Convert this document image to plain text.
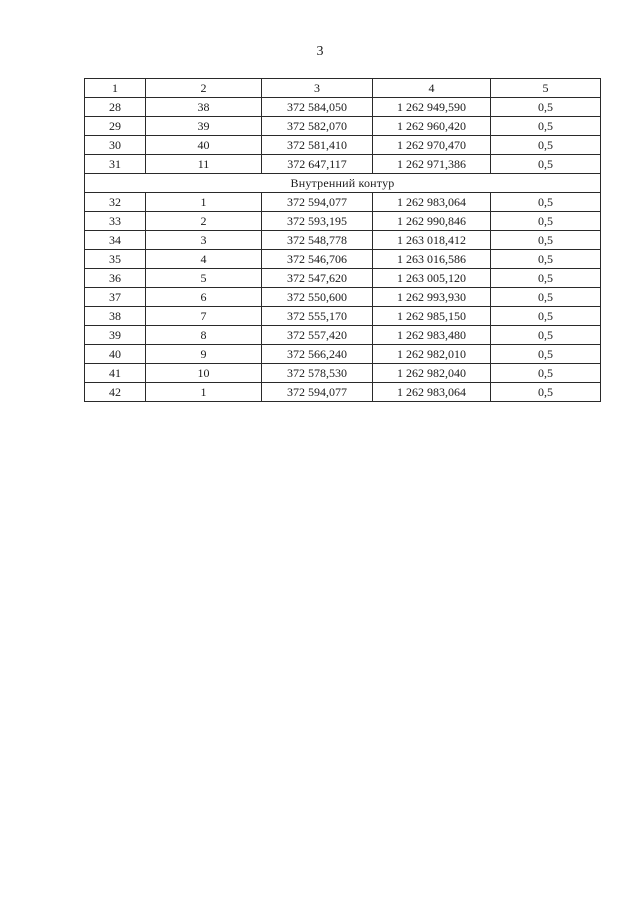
3
1	2	3	4	5
28	38	372 584,050	1 262 949,590	0,5
29	39	372 582,070	1 262 960,420	0,5
30	40	372 581,410	1 262 970,470	0,5
31	11	372 647,117	1 262 971,386	0,5
Внутренний контур				
32	1	372 594,077	1 262 983,064	0,5
33	2	372 593,195	1 262 990,846	0,5
34	3	372 548,778	1 263 018,412	0,5
35	4	372 546,706	1 263 016,586	0,5
36	5	372 547,620	1 263 005,120	0,5
37	6	372 550,600	1 262 993,930	0,5
38	7	372 555,170	1 262 985,150	0,5
39	8	372 557,420	1 262 983,480	0,5
40	9	372 566,240	1 262 982,010	0,5
41	10	372 578,530	1 262 982,040	0,5
42	1	372 594,077	1 262 983,064	0,5
